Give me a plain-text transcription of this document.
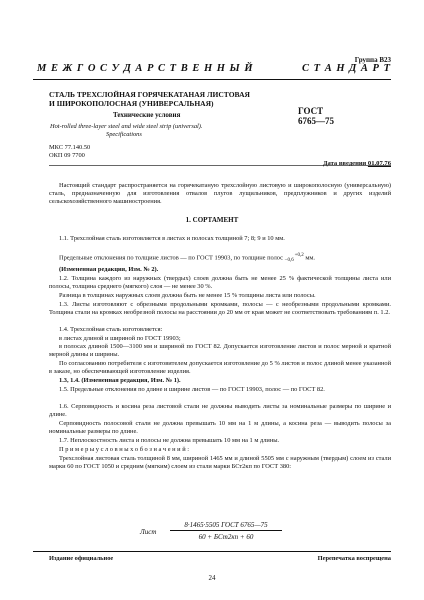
Группа В23
М Е Ж Г О С У Д А Р С Т В Е Н Н Ы Й	С Т А Н Д А Р Т
СТАЛЬ ТРЕХСЛОЙНАЯ ГОРЯЧЕКАТАНАЯ ЛИСТОВАЯ
И ШИРОКОПОЛОСНАЯ (УНИВЕРСАЛЬНАЯ)
Технические условия	ГОСТ
6765—75
Hot-rolled three-layer steel and wide steel strip (universal).
Specifications
МКС 77.140.50
ОКП 09 7700
Дата введения 01.07.76
Настоящий стандарт распространяется на горячекатаную трехслойную листовую и широкополосную (универсальную) сталь, предназначенную для изготовления отвалов плугов лущильников, предплужников и других изделий сельскохозяйственного машиностроения.
1. СОРТАМЕНТ
1.1. Трехслойная сталь изготовляется в листах и полосах толщиной 7; 8; 9 и 10 мм.
Предельные отклонения по толщине листов — по ГОСТ 19903, по толщине полос +0,2
−0,6 мм.
(Измененная редакция, Изм. № 2).
1.2. Толщина каждого из наружных (твердых) слоев должна быть не менее 25 % фактической толщины листа или полосы, толщина среднего (мягкого) слоя — не менее 30 %.
Разница в толщинах наружных слоев должна быть не менее 15 % толщины листа или полосы.
1.3. Листы изготовляют с обрезными продольными кромками, полосы — с необрезными продольными кромками. Толщина стали на кромках необрезной полосы на расстоянии до 20 мм от края может не соответствовать требованиям п. 1.2.
1.4. Трехслойная сталь изготовляется:
в листах длиной и шириной по ГОСТ 19903;
в полосах длиной 1500—3100 мм и шириной по ГОСТ 82. Допускается изготовление листов и полос мерной и кратной мерной длины и ширины.
По согласованию потребителя с изготовителем допускается изготовление до 5 % листов и полос длиной менее указанной в заказе, но обеспечивающей изготовление изделия.
1.3, 1.4. (Измененная редакция, Изм. № 1).
1.5. Предельные отклонения по длине и ширине листов — по ГОСТ 19903, полос — по ГОСТ 82.
1.6. Серповидность и косина реза листовой стали не должны выводить листы за номинальные размеры по ширине и длине.
Серповидность полосовой стали не должна превышать 10 мм на 1 м длины, а косина реза — выводить полосы за номинальные размеры по длине.
1.7. Неплоскостность листа и полосы не должна превышать 10 мм на 1 м длины.
П р и м е р ы у с л о в н ы х о б о з н а ч е н и й :
Трехслойная листовая сталь толщиной 8 мм, шириной 1465 мм и длиной 5505 мм с наружным (твердым) слоем из стали марки 60 по ГОСТ 1050 и средним (мягким) слоем из стали марки БСт2кп по ГОСТ 380:
Лист
8·1465·5505 ГОСТ 6765—75
60 + БСт2кп + 60
Издание официальное	Перепечатка воспрещена
24
